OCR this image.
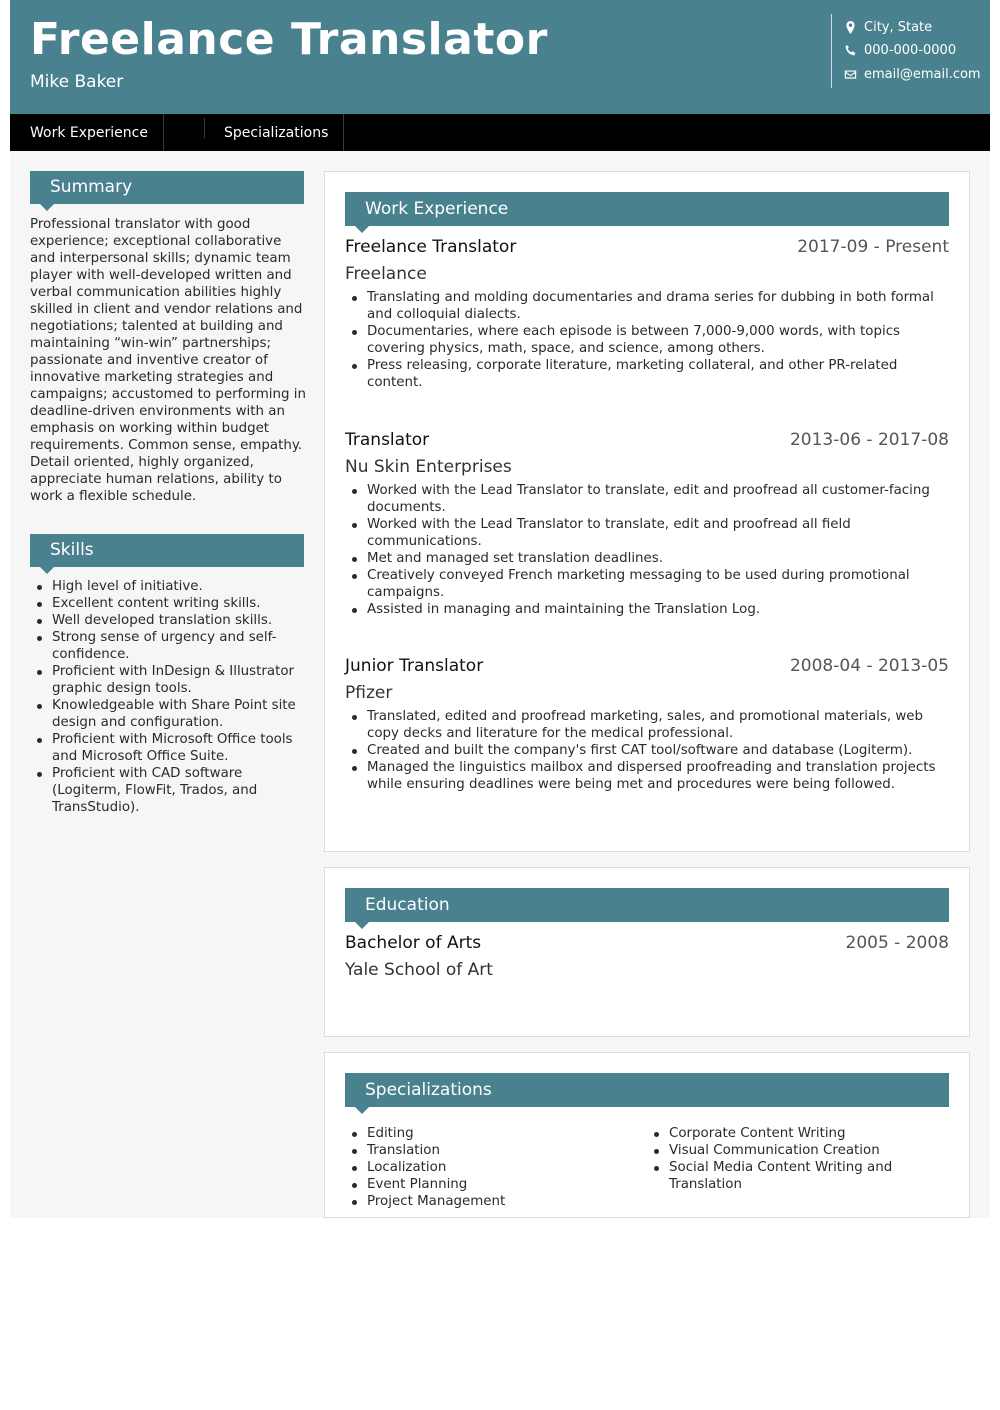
Freelance Translator
Mike Baker
City, State
000-000-0000
email@email.com
Work Experience	Specializations
Summary
Professional translator with good experience; exceptional collaborative and interpersonal skills; dynamic team player with well-developed written and verbal communication abilities highly skilled in client and vendor relations and negotiations; talented at building and maintaining “win-win” partnerships; passionate and inventive creator of innovative marketing strategies and campaigns; accustomed to performing in deadline-driven environments with an emphasis on working within budget requirements. Common sense, empathy. Detail oriented, highly organized, appreciate human relations, ability to work a flexible schedule.
Skills
High level of initiative.
Excellent content writing skills.
Well developed translation skills.
Strong sense of urgency and self-confidence.
Proficient with InDesign & Illustrator graphic design tools.
Knowledgeable with Share Point site design and configuration.
Proficient with Microsoft Office tools and Microsoft Office Suite.
Proficient with CAD software (Logiterm, FlowFit, Trados, and TransStudio).
Work Experience
Freelance Translator	2017-09 - Present
Freelance
Translating and molding documentaries and drama series for dubbing in both formal and colloquial dialects.
Documentaries, where each episode is between 7,000-9,000 words, with topics covering physics, math, space, and science, among others.
Press releasing, corporate literature, marketing collateral, and other PR-related content.
Translator	2013-06 - 2017-08
Nu Skin Enterprises
Worked with the Lead Translator to translate, edit and proofread all customer-facing documents.
Worked with the Lead Translator to translate, edit and proofread all field communications.
Met and managed set translation deadlines.
Creatively conveyed French marketing messaging to be used during promotional campaigns.
Assisted in managing and maintaining the Translation Log.
Junior Translator	2008-04 - 2013-05
Pfizer
Translated, edited and proofread marketing, sales, and promotional materials, web copy decks and literature for the medical professional.
Created and built the company's first CAT tool/software and database (Logiterm).
Managed the linguistics mailbox and dispersed proofreading and translation projects while ensuring deadlines were being met and procedures were being followed.
Education
Bachelor of Arts	2005 - 2008
Yale School of Art
Specializations
Editing
Translation
Localization
Event Planning
Project Management
Corporate Content Writing
Visual Communication Creation
Social Media Content Writing and Translation
